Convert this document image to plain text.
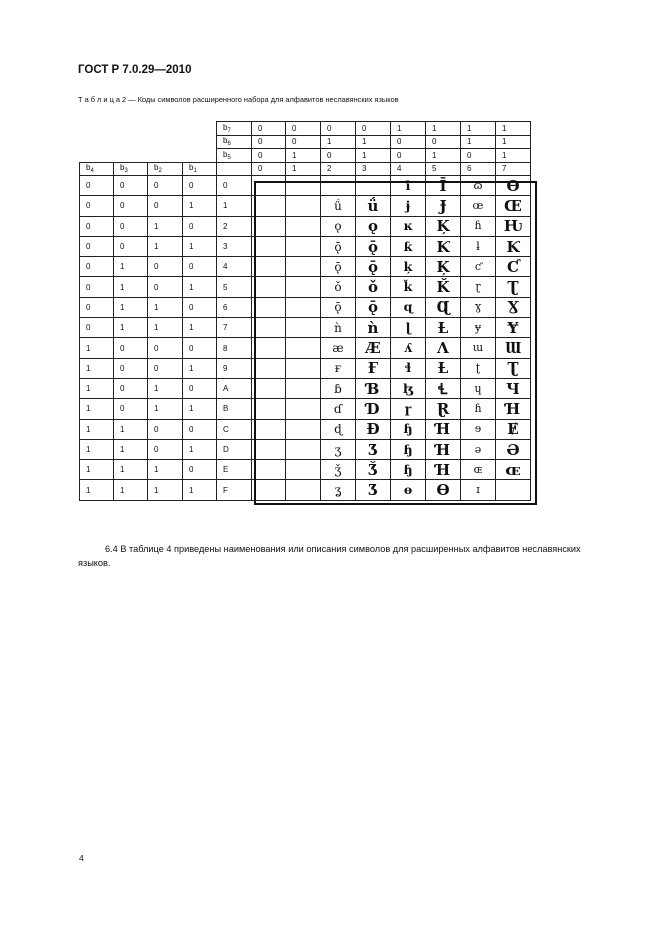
ГОСТ Р 7.0.29—2010
Т а б л и ц а 2 — Коды символов расширенного набора для алфавитов неславянских языков
				$b_7$	0	0	0	0	1	1	1	1
				$b_6$	0	0	1	1	0	0	1	1
				$b_5$	0	1	0	1	0	1	0	1
$b_4$	$b_3$	$b_2$	$b_1$		0	1	2	3	4	5	6	7
0	0	0	0	0					ī	Ī	ɷ	Ɵ
0	0	0	1	1			ǘ	ǘ	ɉ	Ɉ	œ	Œ
0	0	1	0	2			ǫ	ǫ	ĸ	Ķ	ɦ	Ƕ
0	0	1	1	3			ǭ	ǭ	ƙ	Ƙ	ƚ	Ƙ
0	1	0	0	4			ǭ	ǭ	ķ	Ķ	ƈ	Ƈ
0	1	0	1	5			ǒ	ǒ	ǩ	Ǩ	ɽ	Ʈ
0	1	1	0	6			ǭ	ǭ	ɋ	Ɋ	ɣ	Ɣ
0	1	1	1	7			ǹ	ǹ	ɭ	Ƚ	ɏ	Ɏ
1	0	0	0	8			æ	Æ	ʎ	Ʌ	ɯ	Ɯ
1	0	0	1	9			ғ	Ғ	ɬ	Ƚ	ʈ	Ʈ
1	0	1	0	A			ɓ	Ɓ	ɮ	Ɬ	ɥ	Ɥ
1	0	1	1	B			ɗ	Ɗ	ɼ	Ɽ	ɦ	Ɦ
1	1	0	0	C			ɖ	Ɖ	ɧ	Ɦ	ɘ	Ɇ
1	1	0	1	D			ʒ	Ʒ	ɧ	Ɦ	ə	Ə
1	1	1	0	E			ǯ	Ǯ	ɧ	Ɦ	ɶ	ɶ
1	1	1	1	F			ʓ	Ʒ	ɵ	Ɵ	ɪ	
6.4 В таблице 4 приведены наименования или описания символов для расширенных алфавитов неславянских языков.
4
